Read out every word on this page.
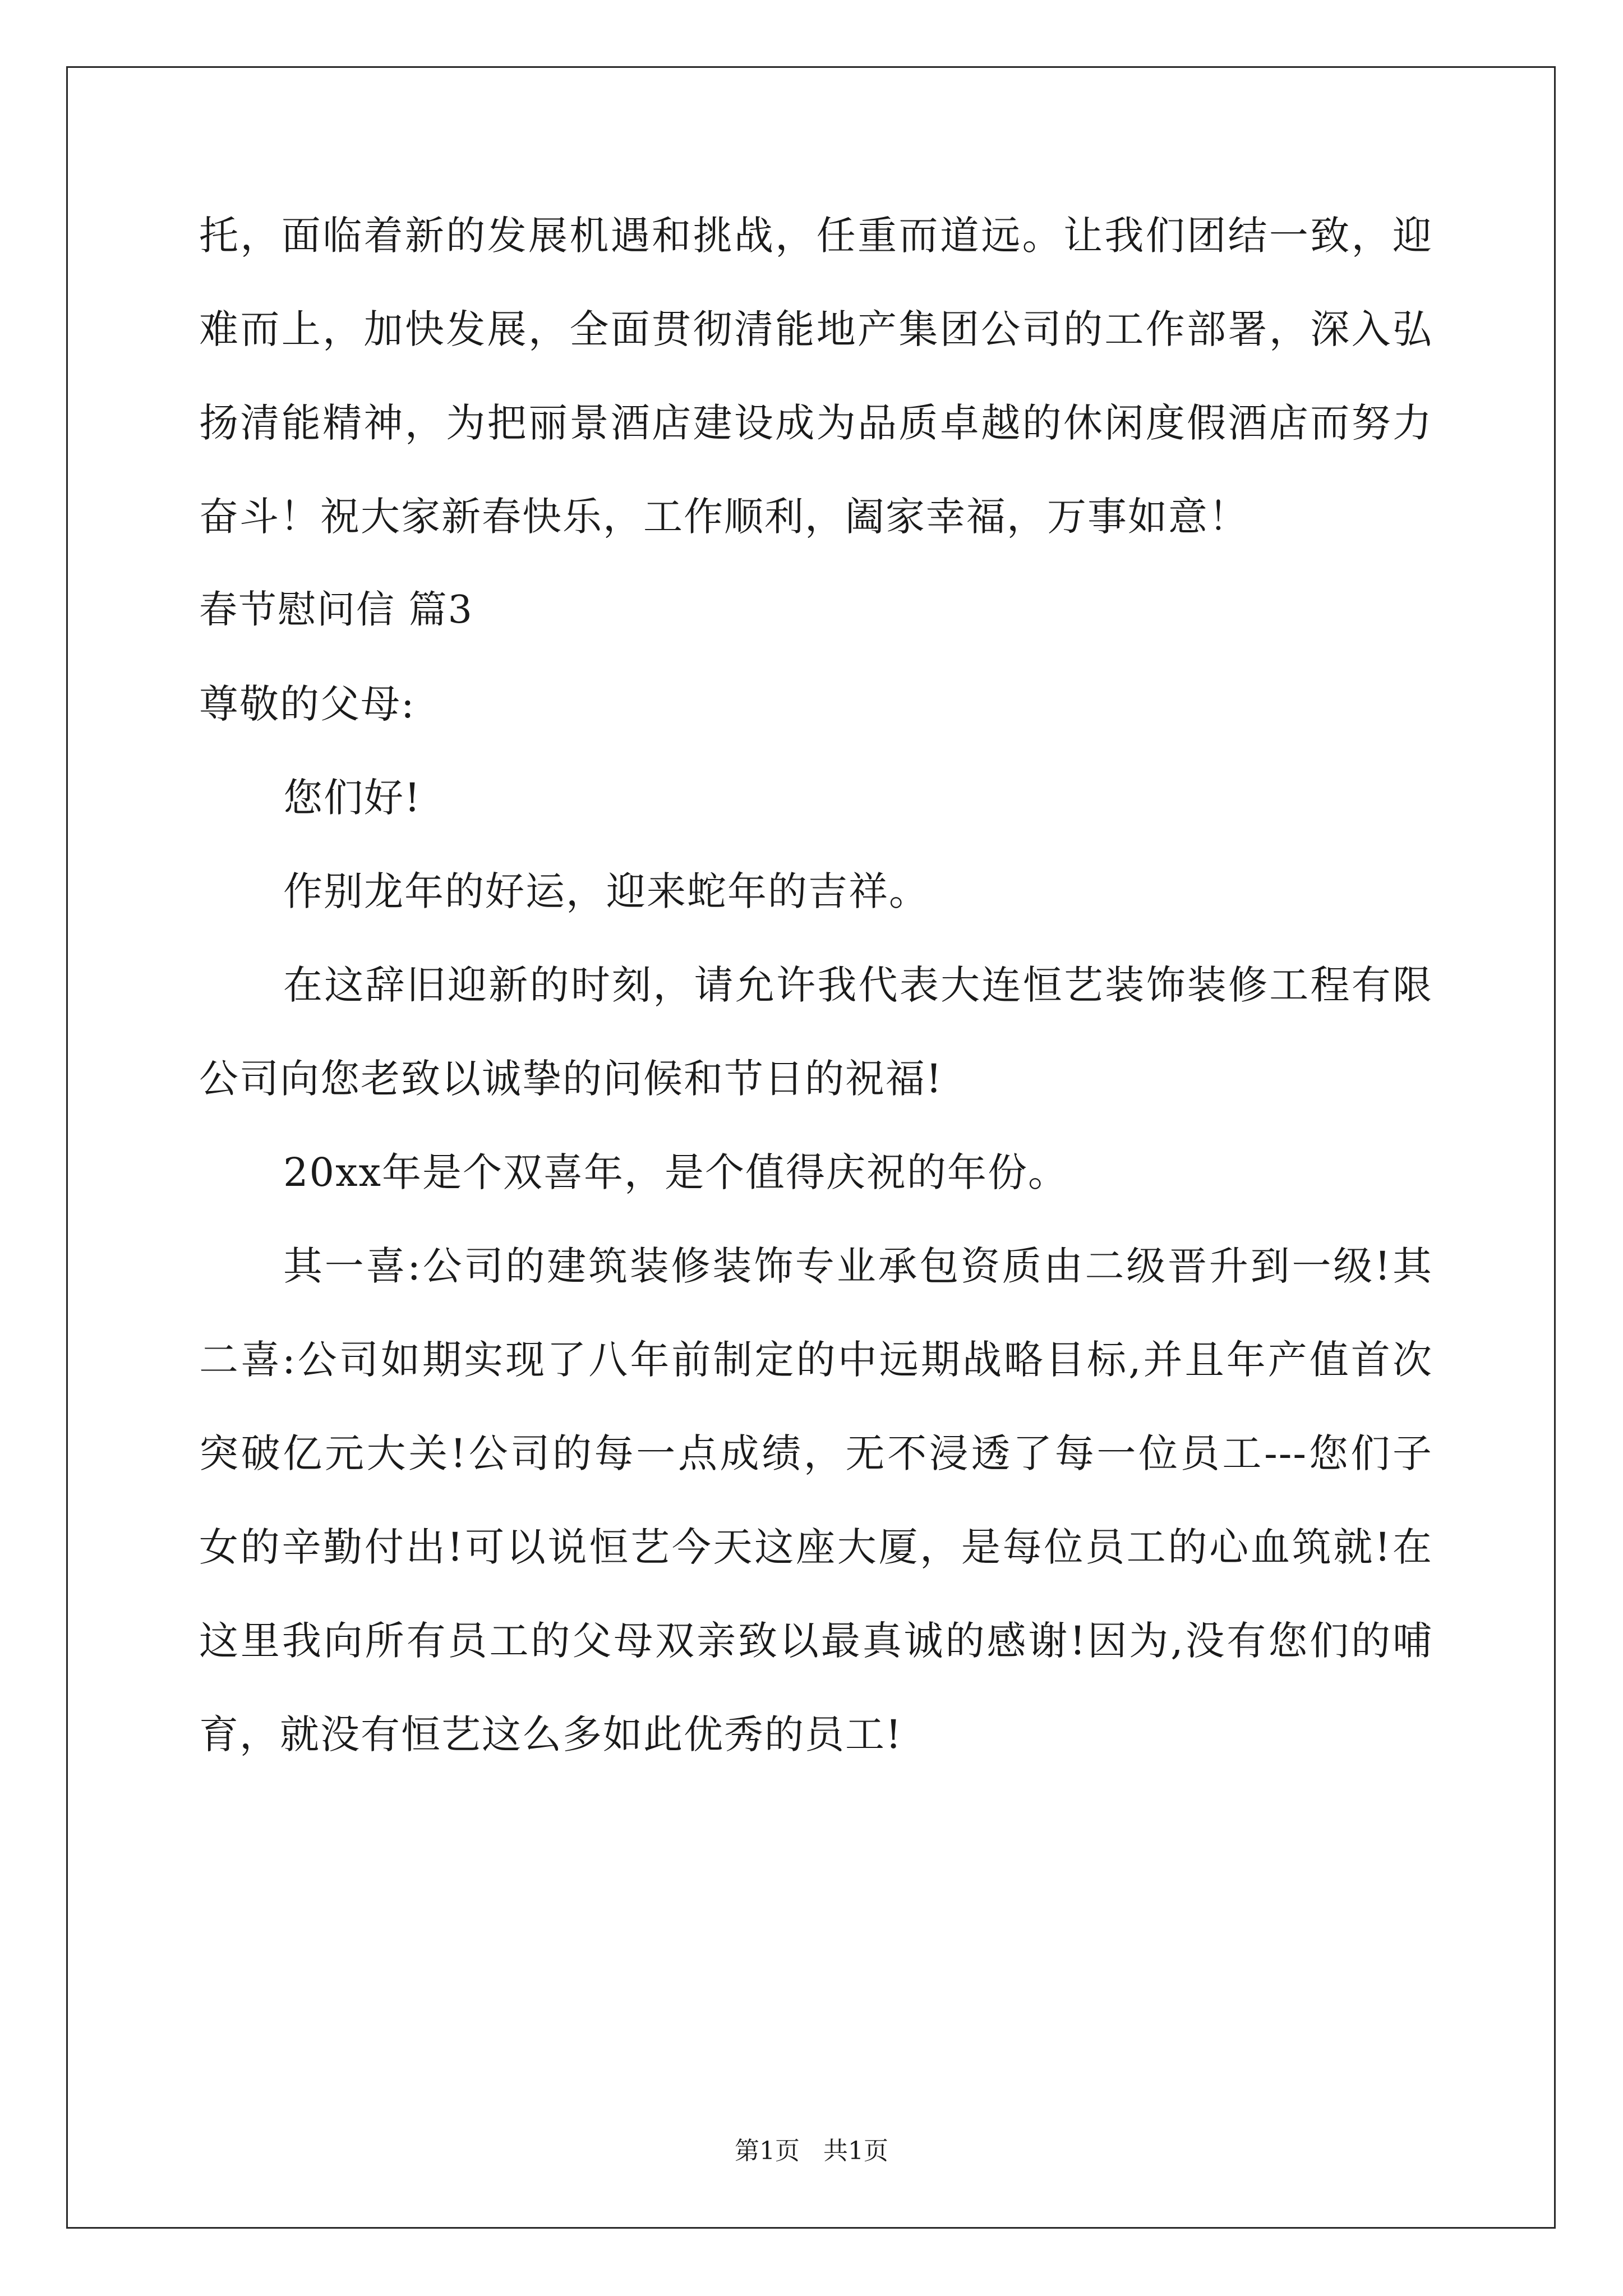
托，面临着新的发展机遇和挑战，任重而道远。让我们团结一致，迎
难而上，加快发展，全面贯彻清能地产集团公司的工作部署，深入弘
扬清能精神，为把丽景酒店建设成为品质卓越的休闲度假酒店而努力
奋斗！祝大家新春快乐，工作顺利，阖家幸福，万事如意！
春节慰问信 篇3
尊敬的父母:
您们好!
作别龙年的好运，迎来蛇年的吉祥。
在这辞旧迎新的时刻，请允许我代表大连恒艺装饰装修工程有限
公司向您老致以诚挚的问候和节日的祝福!
20xx年是个双喜年，是个值得庆祝的年份。
其一喜:公司的建筑装修装饰专业承包资质由二级晋升到一级!其
二喜:公司如期实现了八年前制定的中远期战略目标,并且年产值首次
突破亿元大关!公司的每一点成绩，无不浸透了每一位员工---您们子
女的辛勤付出!可以说恒艺今天这座大厦，是每位员工的心血筑就!在
这里我向所有员工的父母双亲致以最真诚的感谢!因为,没有您们的哺
育，就没有恒艺这么多如此优秀的员工!
第1页   共1页
